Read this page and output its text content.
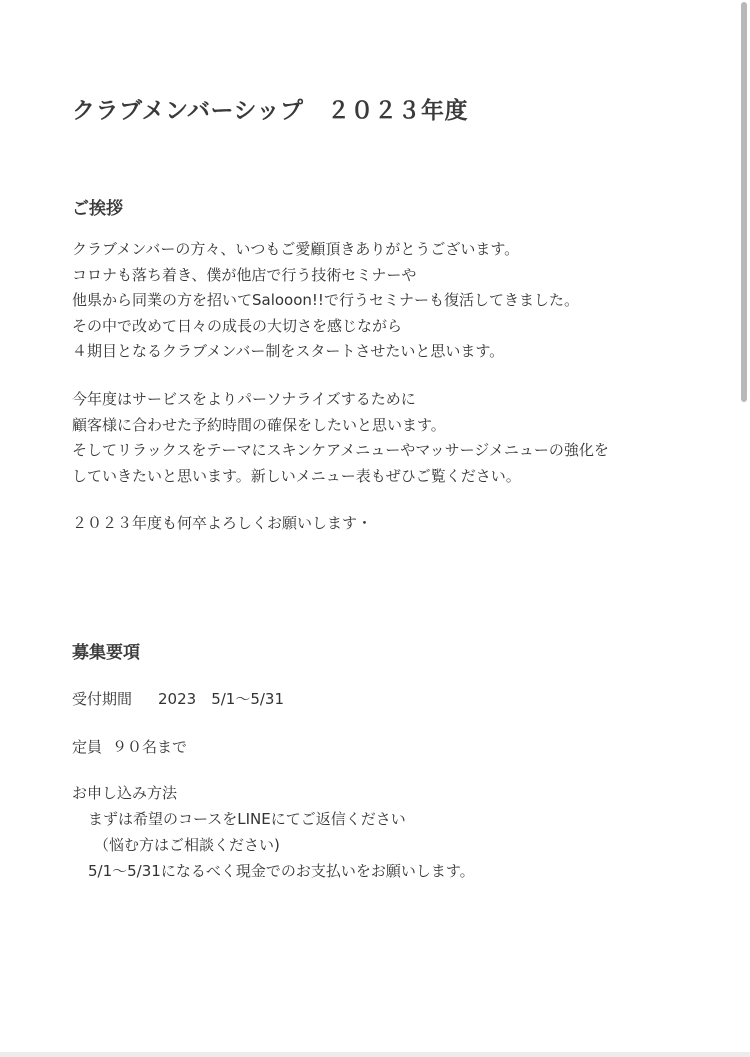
クラブメンバーシップ　２０２３年度
ご挨拶

クラブメンバーの方々、いつもご愛顧頂きありがとうございます。
コロナも落ち着き、僕が他店で行う技術セミナーや
他県から同業の方を招いてSalooon!!で行うセミナーも復活してきました。
その中で改めて日々の成長の大切さを感じながら
４期目となるクラブメンバー制をスタートさせたいと思います。

今年度はサービスをよりパーソナライズするために
顧客様に合わせた予約時間の確保をしたいと思います。
そしてリラックスをテーマにスキンケアメニューやマッサージメニューの強化を
していきたいと思います。新しいメニュー表もぜひご覧ください。

２０２３年度も何卒よろしくお願いします・

募集要項

受付期間 2023　5/1〜5/31

定員 ９０名まで

お申し込み方法
まずは希望のコースをLINEにてご返信ください
（悩む方はご相談ください)
5/1〜5/31になるべく現金でのお支払いをお願いします。
